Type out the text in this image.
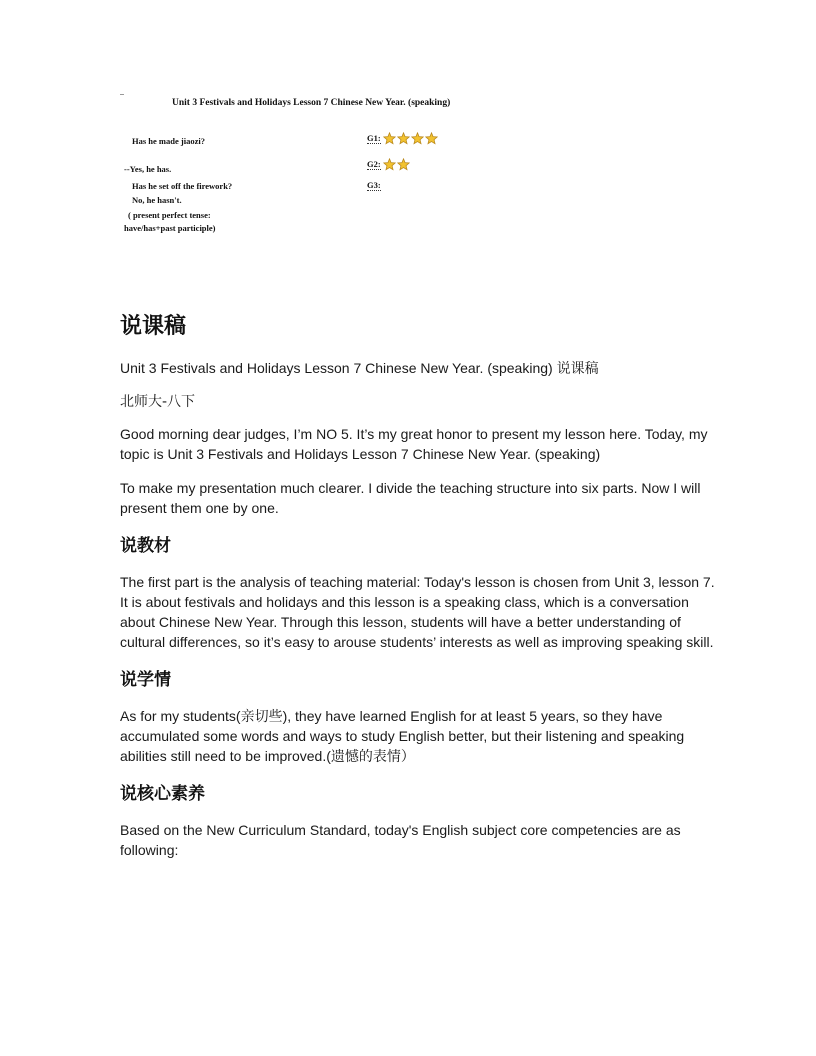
Unit 3 Festivals and Holidays Lesson 7 Chinese New Year. (speaking)
Has he made jiaozi?
--Yes, he has.
Has he set off the firework?
No, he hasn't.
( present perfect tense:
have/has+past participle)
G1:
G2:
G3:
说课稿

Unit 3 Festivals and Holidays Lesson 7 Chinese New Year. (speaking) 说课稿

北师大-八下

Good morning dear judges, I’m NO 5. It’s my great honor to present my lesson here. Today, my topic is Unit 3 Festivals and Holidays Lesson 7 Chinese New Year. (speaking)

To make my presentation much clearer. I divide the teaching structure into six parts. Now I will present them one by one.

说教材

The first part is the analysis of teaching material: Today's lesson is chosen from Unit 3, lesson 7. It is about festivals and holidays and this lesson is a speaking class, which is a conversation about Chinese New Year. Through this lesson, students will have a better understanding of cultural differences, so it’s easy to arouse students’ interests as well as improving speaking skill.

说学情

As for my students(亲切些), they have learned English for at least 5 years, so they have accumulated some words and ways to study English better, but their listening and speaking abilities still need to be improved.(遗憾的表情）

说核心素养

Based on the New Curriculum Standard, today's English subject core competencies are as following:
